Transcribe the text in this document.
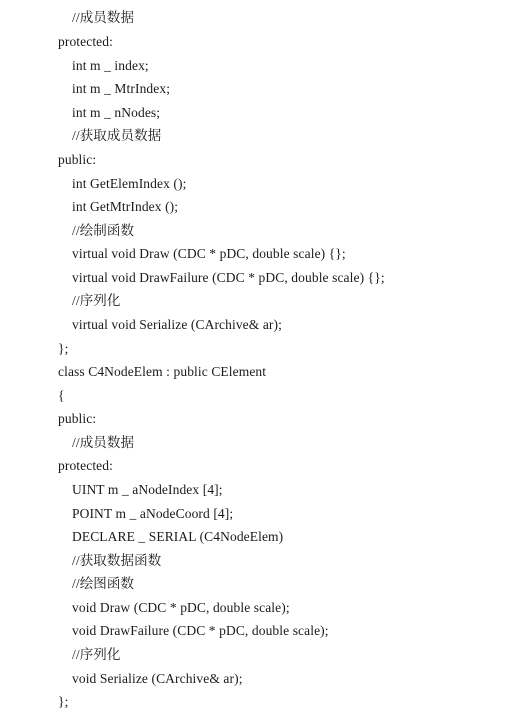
//成员数据
protected:
int m _ index;
int m _ MtrIndex;
int m _ nNodes;
//获取成员数据
public:
int GetElemIndex ();
int GetMtrIndex ();
//绘制函数
virtual void Draw (CDC * pDC, double scale) {};
virtual void DrawFailure (CDC * pDC, double scale) {};
//序列化
virtual void Serialize (CArchive& ar);
};
class C4NodeElem : public CElement
{
public:
//成员数据
protected:
UINT m _ aNodeIndex [4];
POINT m _ aNodeCoord [4];
DECLARE _ SERIAL (C4NodeElem)
//获取数据函数
//绘图函数
void Draw (CDC * pDC, double scale);
void DrawFailure (CDC * pDC, double scale);
//序列化
void Serialize (CArchive& ar);
};
